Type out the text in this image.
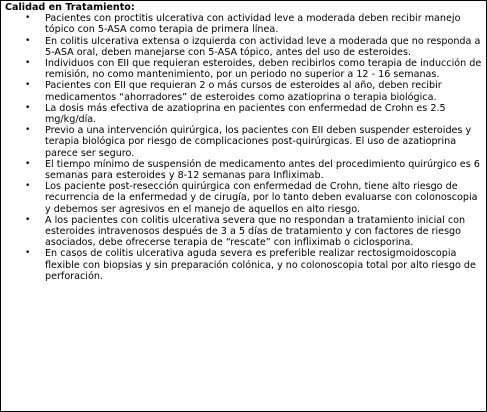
Calidad en Tratamiento:
• Pacientes con proctitis ulcerativa con actividad leve a moderada deben recibir manejo tópico con 5-ASA como terapia de primera línea.
• En colitis ulcerativa extensa o izquierda con actividad leve a moderada que no responda a 5-ASA oral, deben manejarse con 5-ASA tópico, antes del uso de esteroides.
• Individuos con EII que requieran esteroides, deben recibirlos como terapia de inducción de remisión, no como mantenimiento, por un periodo no superior a 12 - 16 semanas.
• Pacientes con EII que requieran 2 o más cursos de esteroides al año, deben recibir medicamentos “ahorradores” de esteroides como azatioprina o terapia biológica.
• La dosis más efectiva de azatioprina en pacientes con enfermedad de Crohn es 2.5 mg/kg/día.
• Previo a una intervención quirúrgica, los pacientes con EII deben suspender esteroides y terapia biológica por riesgo de complicaciones post-quirúrgicas. El uso de azatioprina parece ser seguro.
• El tiempo mínimo de suspensión de medicamento antes del procedimiento quirúrgico es 6 semanas para esteroides y 8-12 semanas para Infliximab.
• Los paciente post-resección quirúrgica con enfermedad de Crohn, tiene alto riesgo de recurrencia de la enfermedad y de cirugía, por lo tanto deben evaluarse con colonoscopia y debemos ser agresivos en el manejo de aquellos en alto riesgo.
• A los pacientes con colitis ulcerativa severa que no respondan a tratamiento inicial con esteroides intravenosos después de 3 a 5 días de tratamiento y con factores de riesgo asociados, debe ofrecerse terapia de “rescate” con infliximab o ciclosporina.
• En casos de colitis ulcerativa aguda severa es preferible realizar rectosigmoidoscopia flexible con biopsias y sin preparación colónica, y no colonoscopia total por alto riesgo de perforación.
